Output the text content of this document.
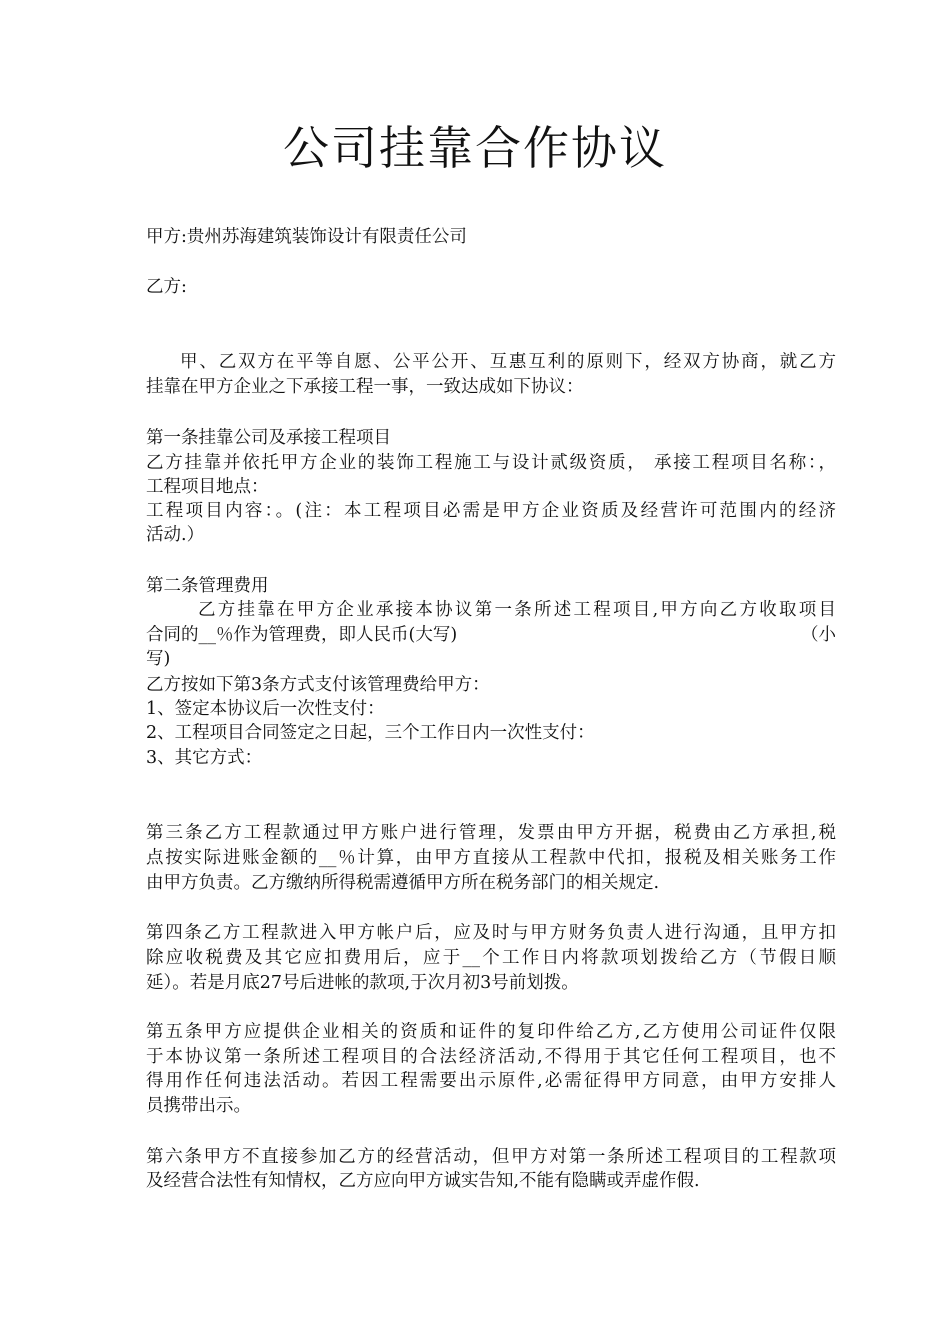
公司挂靠合作协议

甲方:贵州苏海建筑装饰设计有限责任公司

乙方:

甲、乙双方在平等自愿、公平公开、互惠互利的原则下，经双方协商，就乙方

挂靠在甲方企业之下承接工程一事，一致达成如下协议：

第一条挂靠公司及承接工程项目

乙方挂靠并依托甲方企业的装饰工程施工与设计贰级资质， 承接工程项目名称：，

工程项目地点：

工程项目内容：。(注：本工程项目必需是甲方企业资质及经营许可范围内的经济

活动.）

第二条管理费用

乙方挂靠在甲方企业承接本协议第一条所述工程项目,甲方向乙方收取项目

合同的__％作为管理费，即人民币(大写)	（小

写)

乙方按如下第3条方式支付该管理费给甲方：

1、签定本协议后一次性支付：

2、工程项目合同签定之日起，三个工作日内一次性支付：

3、其它方式：

第三条乙方工程款通过甲方账户进行管理，发票由甲方开据，税费由乙方承担,税

点按实际进账金额的__％计算，由甲方直接从工程款中代扣，报税及相关账务工作

由甲方负责。乙方缴纳所得税需遵循甲方所在税务部门的相关规定.

第四条乙方工程款进入甲方帐户后，应及时与甲方财务负责人进行沟通，且甲方扣

除应收税费及其它应扣费用后，应于__个工作日内将款项划拨给乙方（节假日顺

延）。若是月底27号后进帐的款项,于次月初3号前划拨。

第五条甲方应提供企业相关的资质和证件的复印件给乙方,乙方使用公司证件仅限

于本协议第一条所述工程项目的合法经济活动,不得用于其它任何工程项目，也不

得用作任何违法活动。若因工程需要出示原件,必需征得甲方同意，由甲方安排人

员携带出示。

第六条甲方不直接参加乙方的经营活动，但甲方对第一条所述工程项目的工程款项

及经营合法性有知情权，乙方应向甲方诚实告知,不能有隐瞒或弄虚作假.
